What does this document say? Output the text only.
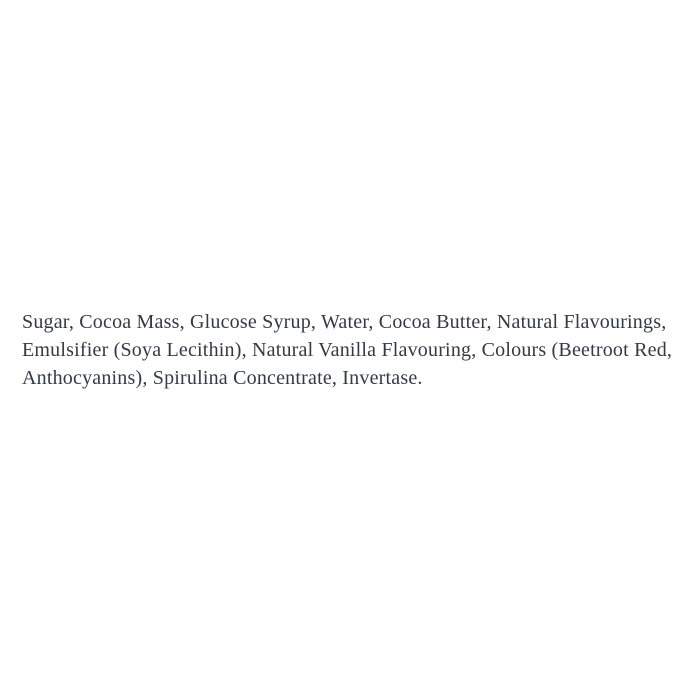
Sugar, Cocoa Mass, Glucose Syrup, Water, Cocoa Butter, Natural Flavourings,
Emulsifier (Soya Lecithin), Natural Vanilla Flavouring, Colours (Beetroot Red,
Anthocyanins), Spirulina Concentrate, Invertase.
